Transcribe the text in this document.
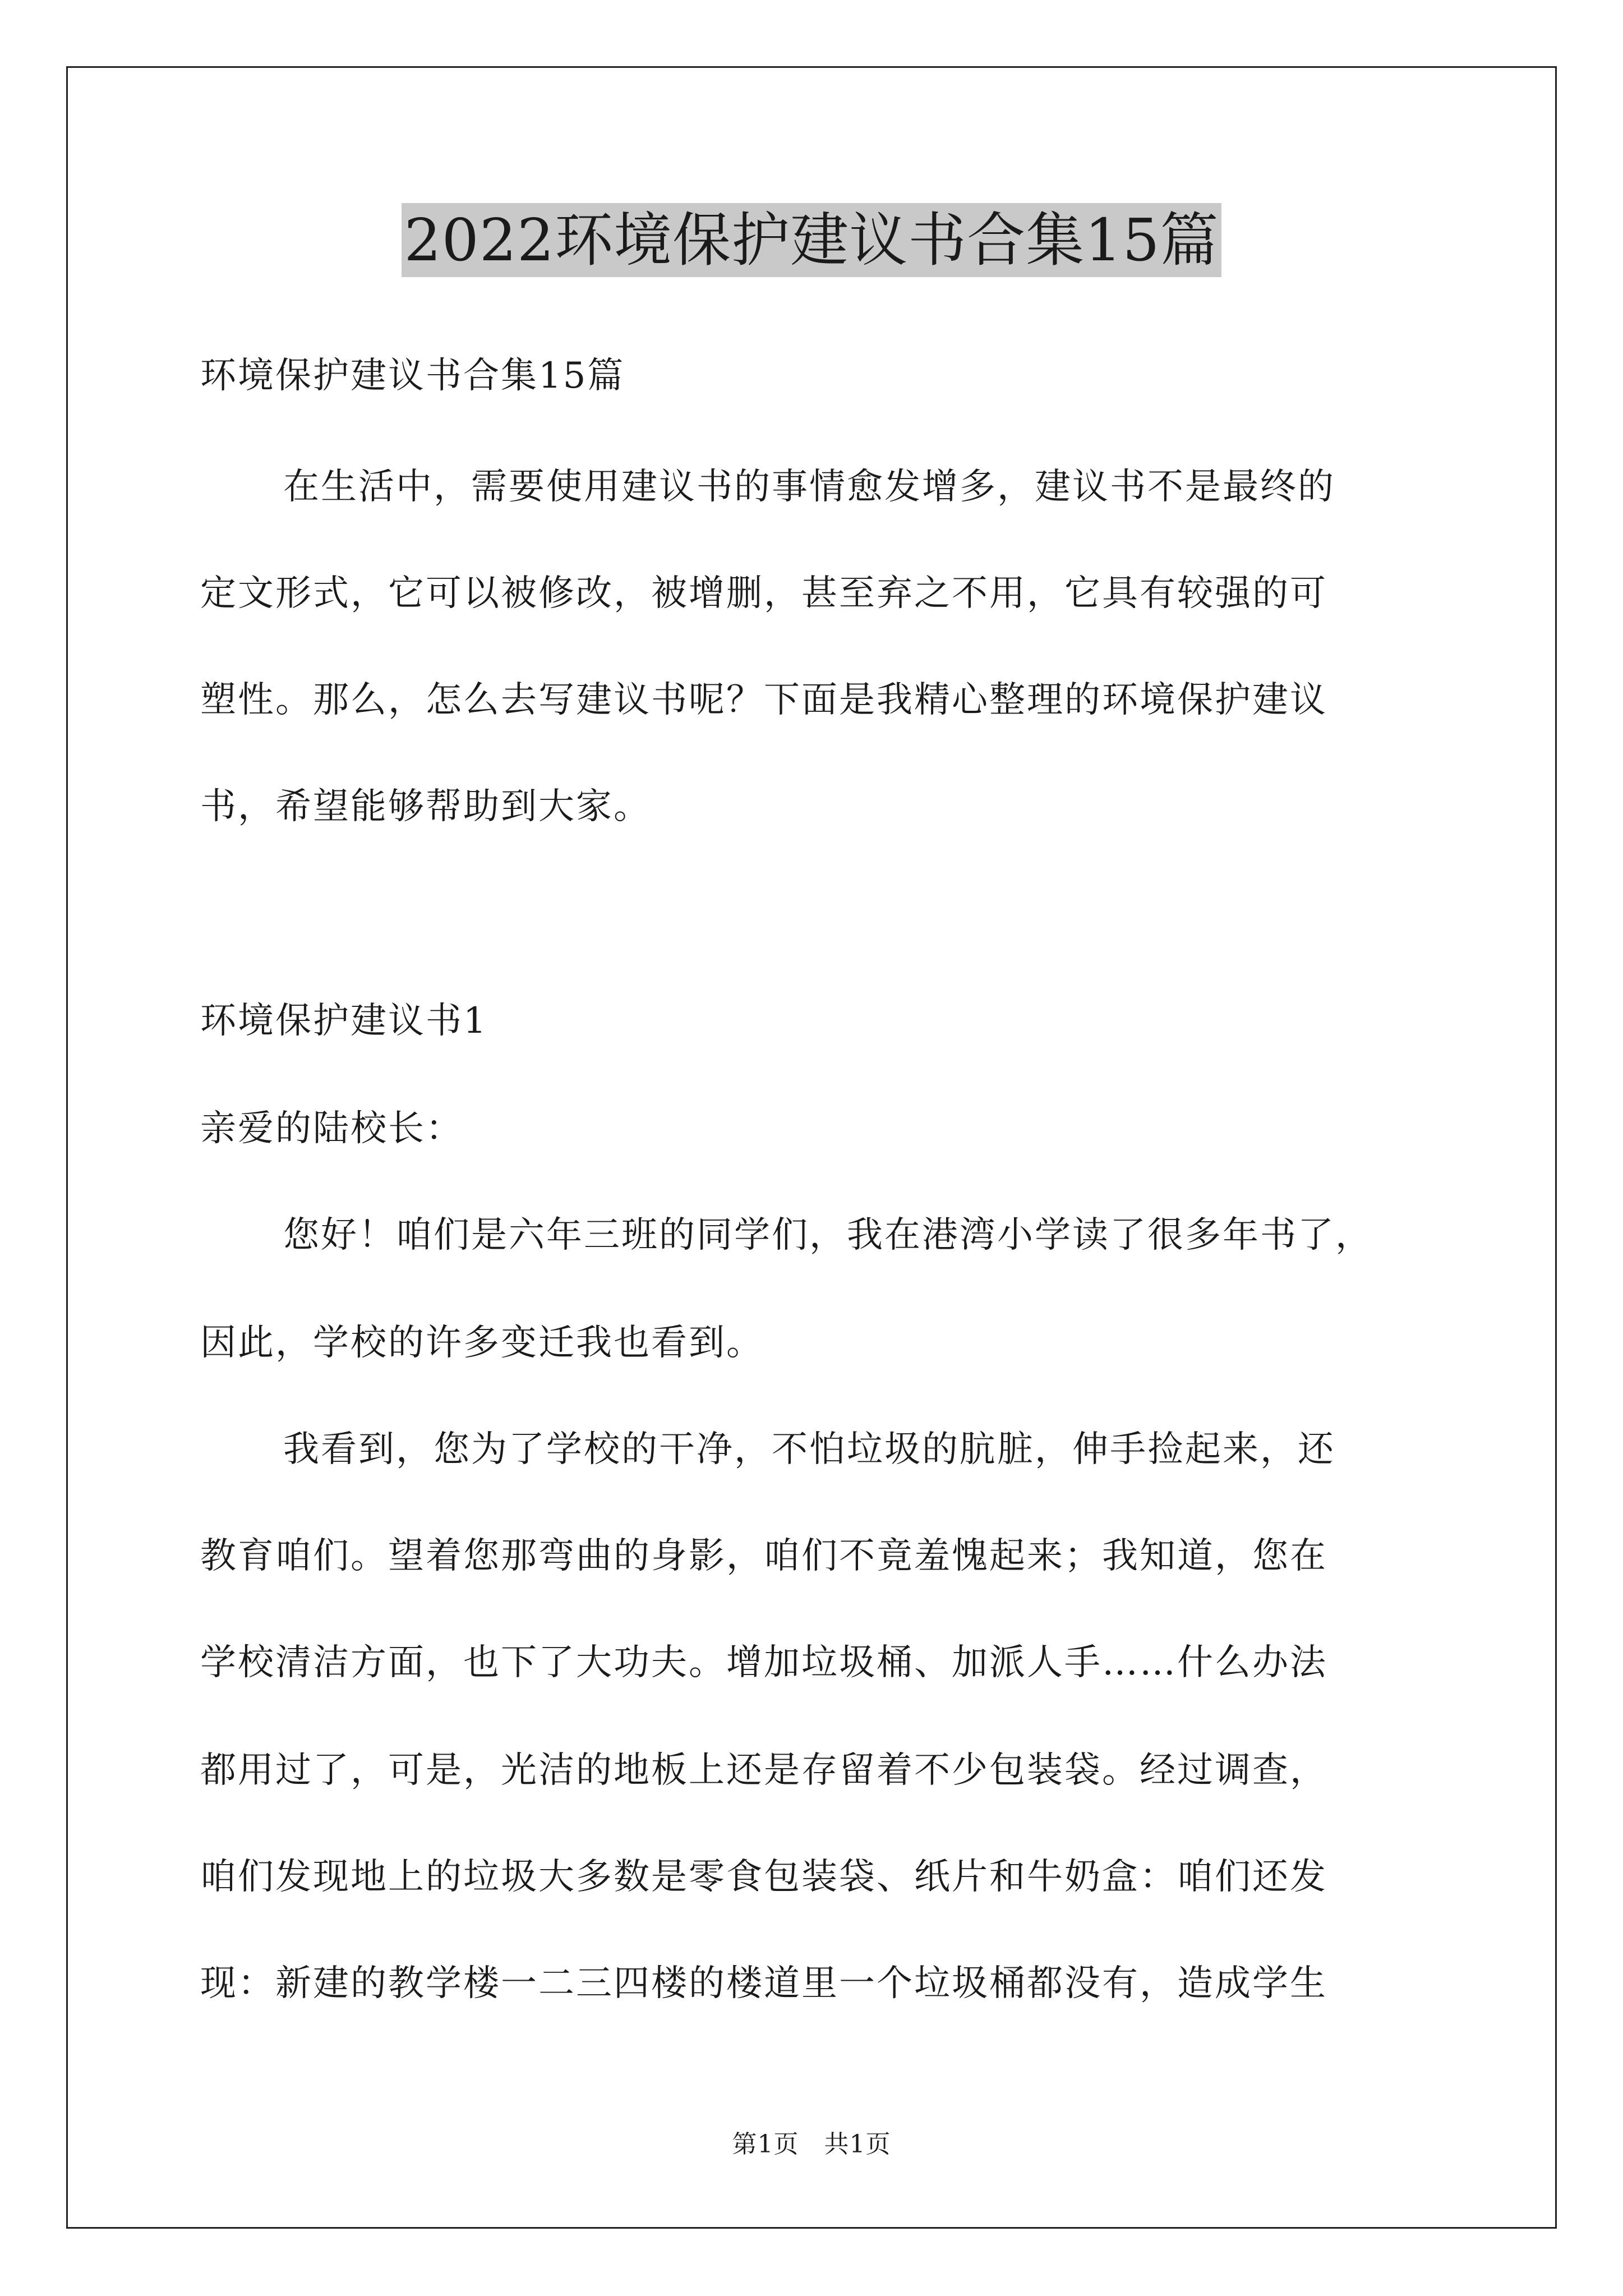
2022环境保护建议书合集15篇
环境保护建议书合集15篇
在生活中，需要使用建议书的事情愈发增多，建议书不是最终的
定文形式，它可以被修改，被增删，甚至弃之不用，它具有较强的可
塑性。那么，怎么去写建议书呢？下面是我精心整理的环境保护建议
书，希望能够帮助到大家。
环境保护建议书1
亲爱的陆校长：
您好！咱们是六年三班的同学们，我在港湾小学读了很多年书了，
因此，学校的许多变迁我也看到。
我看到，您为了学校的干净，不怕垃圾的肮脏，伸手捡起来，还
教育咱们。望着您那弯曲的身影，咱们不竟羞愧起来；我知道，您在
学校清洁方面，也下了大功夫。增加垃圾桶、加派人手……什么办法
都用过了，可是，光洁的地板上还是存留着不少包装袋。经过调查，
咱们发现地上的垃圾大多数是零食包装袋、纸片和牛奶盒：咱们还发
现：新建的教学楼一二三四楼的楼道里一个垃圾桶都没有，造成学生
第1页　共1页
